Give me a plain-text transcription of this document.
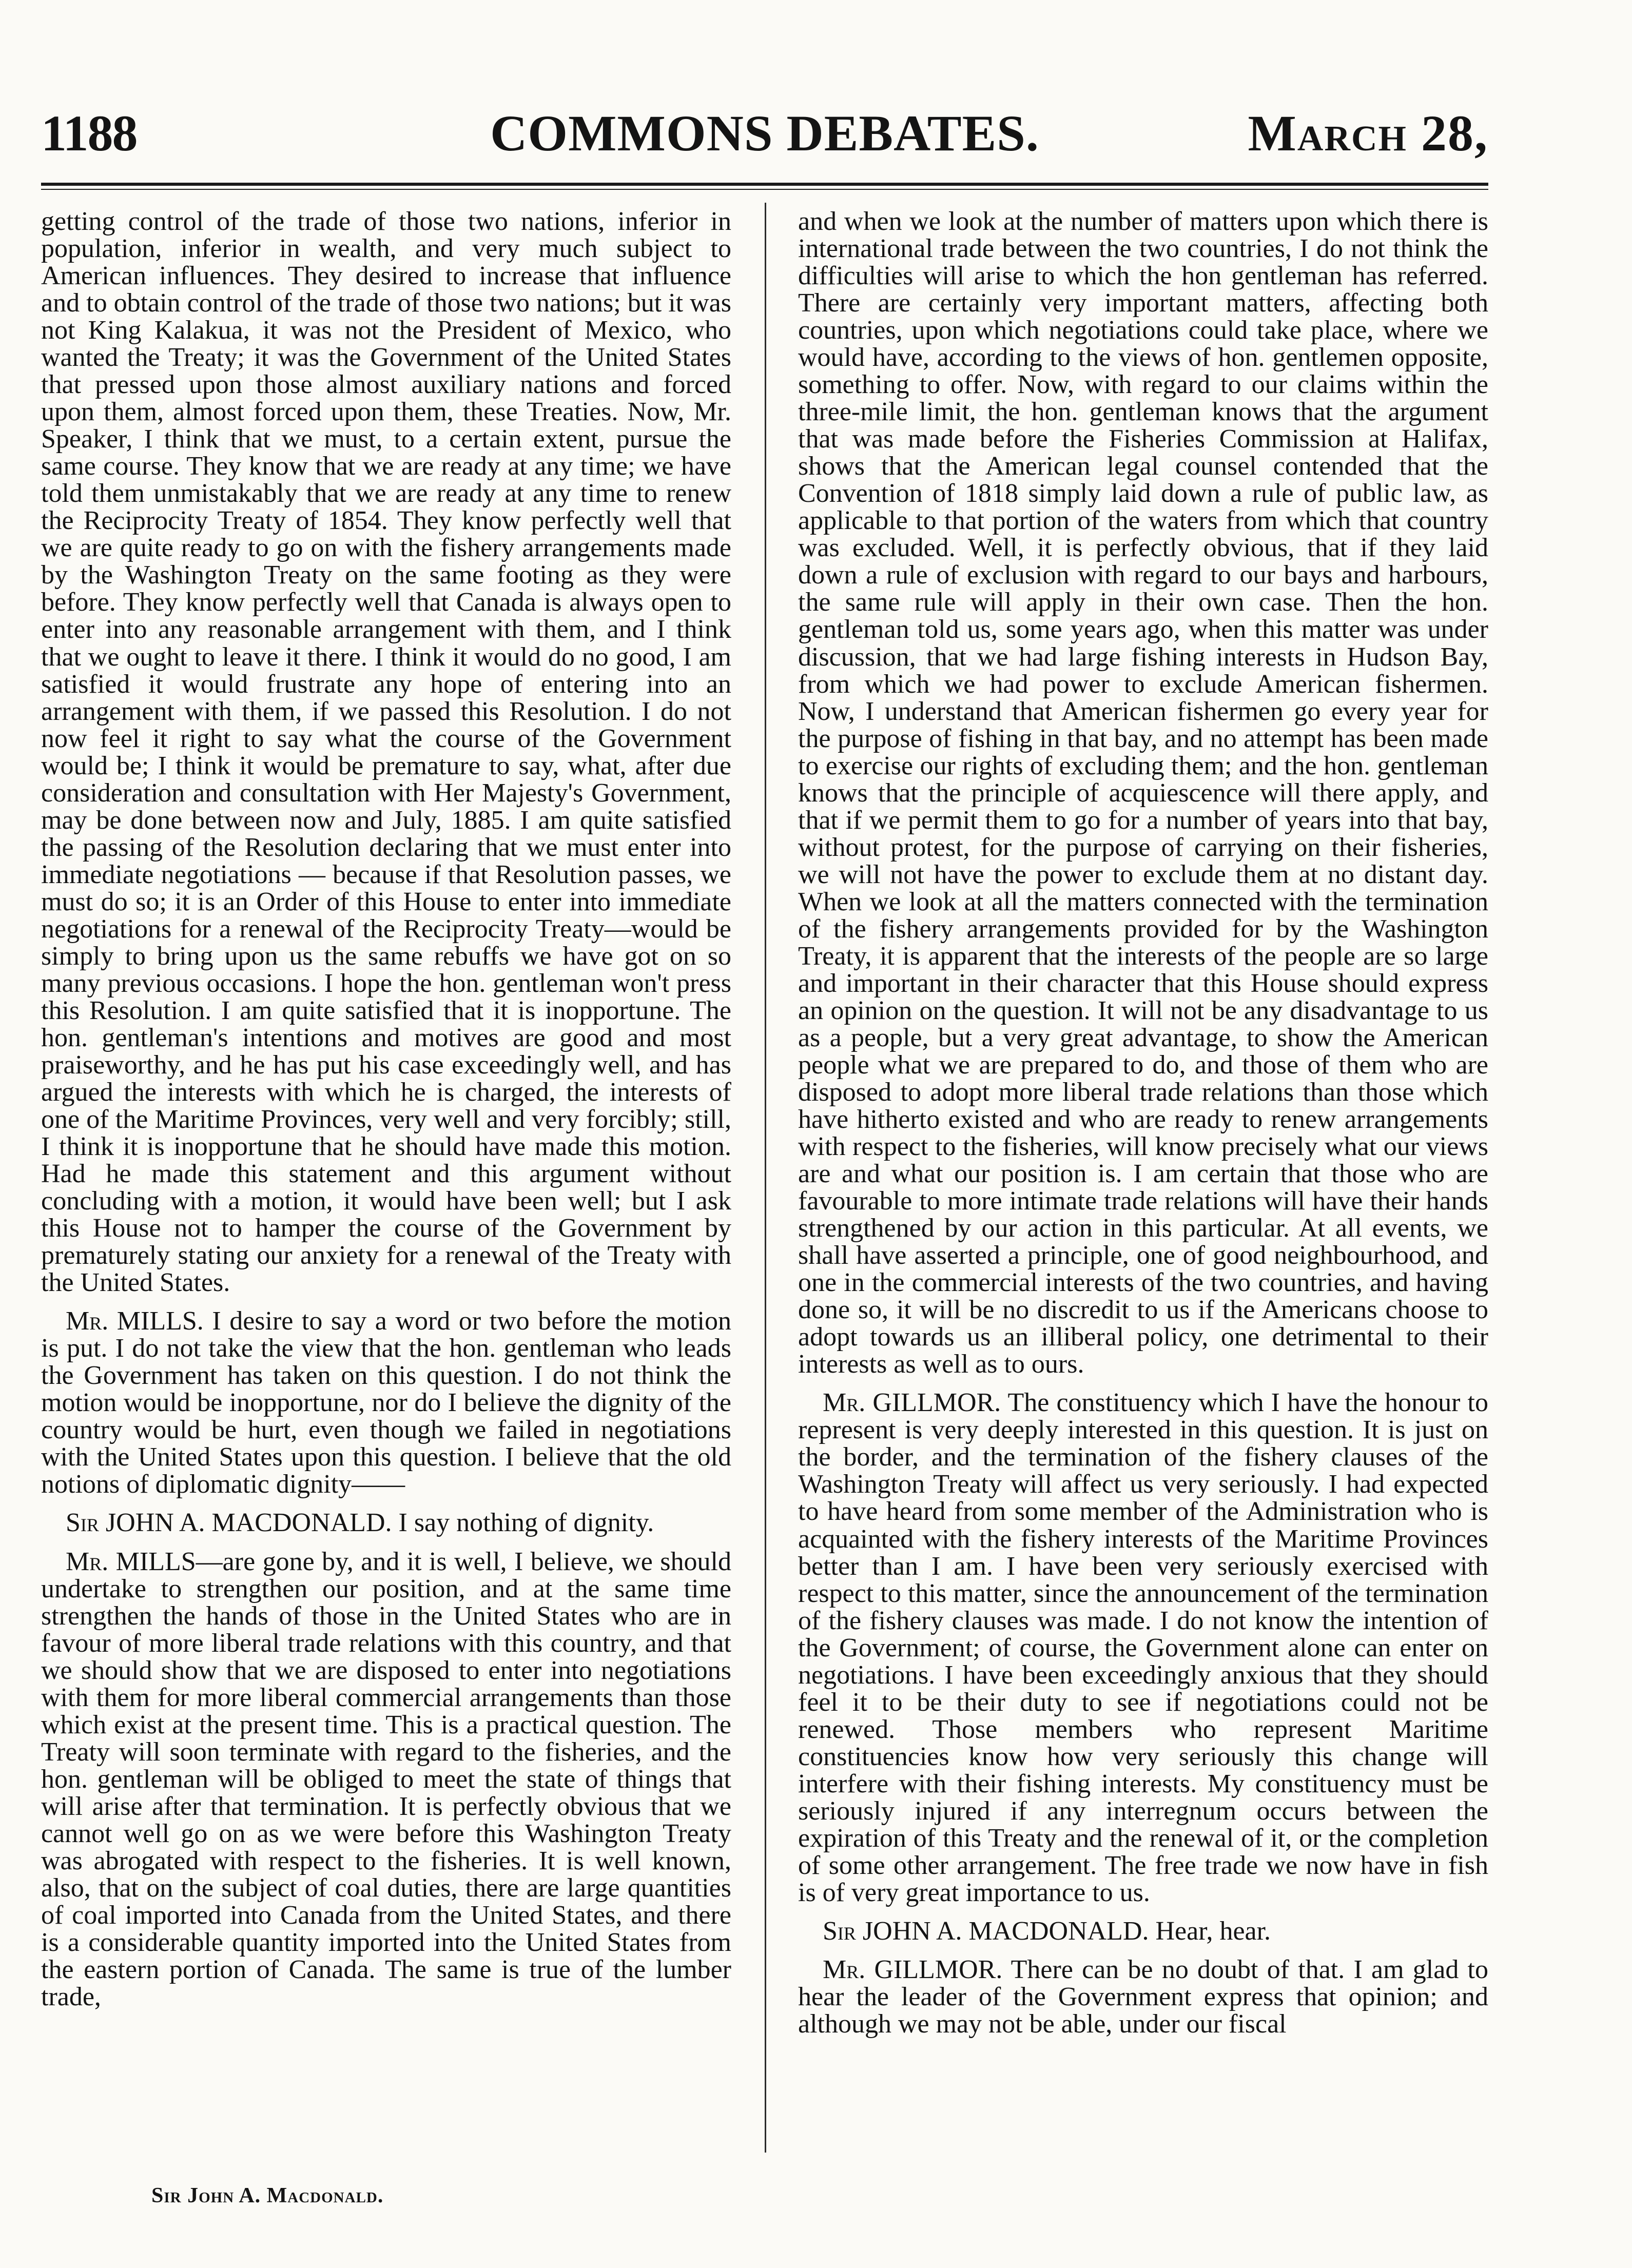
1188	COMMONS DEBATES.	March 28,

getting control of the trade of those two nations, inferior in population, inferior in wealth, and very much subject to American influences. They desired to increase that influence and to obtain control of the trade of those two nations; but it was not King Kalakua, it was not the President of Mexico, who wanted the Treaty; it was the Government of the United States that pressed upon those almost auxiliary nations and forced upon them, almost forced upon them, these Treaties. Now, Mr. Speaker, I think that we must, to a certain extent, pursue the same course. They know that we are ready at any time; we have told them unmistakably that we are ready at any time to renew the Reciprocity Treaty of 1854. They know perfectly well that we are quite ready to go on with the fishery arrangements made by the Washington Treaty on the same footing as they were before. They know perfectly well that Canada is always open to enter into any reasonable arrangement with them, and I think that we ought to leave it there. I think it would do no good, I am satisfied it would frustrate any hope of entering into an arrangement with them, if we passed this Resolution. I do not now feel it right to say what the course of the Government would be; I think it would be premature to say, what, after due consideration and consultation with Her Majesty's Government, may be done between now and July, 1885. I am quite satisfied the passing of the Resolution declaring that we must enter into immediate negotiations — because if that Resolution passes, we must do so; it is an Order of this House to enter into immediate negotiations for a renewal of the Reciprocity Treaty—would be simply to bring upon us the same rebuffs we have got on so many previous occasions. I hope the hon. gentleman won't press this Resolution. I am quite satisfied that it is inopportune. The hon. gentleman's intentions and motives are good and most praiseworthy, and he has put his case exceedingly well, and has argued the interests with which he is charged, the interests of one of the Maritime Provinces, very well and very forcibly; still, I think it is inopportune that he should have made this motion. Had he made this statement and this argument without concluding with a motion, it would have been well; but I ask this House not to hamper the course of the Government by prematurely stating our anxiety for a renewal of the Treaty with the United States.

Mr. MILLS. I desire to say a word or two before the motion is put. I do not take the view that the hon. gentleman who leads the Government has taken on this question. I do not think the motion would be inopportune, nor do I believe the dignity of the country would be hurt, even though we failed in negotiations with the United States upon this question. I believe that the old notions of diplomatic dignity——

Sir JOHN A. MACDONALD. I say nothing of dignity.

Mr. MILLS—are gone by, and it is well, I believe, we should undertake to strengthen our position, and at the same time strengthen the hands of those in the United States who are in favour of more liberal trade relations with this country, and that we should show that we are disposed to enter into negotiations with them for more liberal commercial arrangements than those which exist at the present time. This is a practical question. The Treaty will soon terminate with regard to the fisheries, and the hon. gentleman will be obliged to meet the state of things that will arise after that termination. It is perfectly obvious that we cannot well go on as we were before this Washington Treaty was abrogated with respect to the fisheries. It is well known, also, that on the subject of coal duties, there are large quantities of coal imported into Canada from the United States, and there is a considerable quantity imported into the United States from the eastern portion of Canada. The same is true of the lumber trade,

and when we look at the number of matters upon which there is international trade between the two countries, I do not think the difficulties will arise to which the hon gentleman has referred. There are certainly very important matters, affecting both countries, upon which negotiations could take place, where we would have, according to the views of hon. gentlemen opposite, something to offer. Now, with regard to our claims within the three-mile limit, the hon. gentleman knows that the argument that was made before the Fisheries Commission at Halifax, shows that the American legal counsel contended that the Convention of 1818 simply laid down a rule of public law, as applicable to that portion of the waters from which that country was excluded. Well, it is perfectly obvious, that if they laid down a rule of exclusion with regard to our bays and harbours, the same rule will apply in their own case. Then the hon. gentleman told us, some years ago, when this matter was under discussion, that we had large fishing interests in Hudson Bay, from which we had power to exclude American fishermen. Now, I understand that American fishermen go every year for the purpose of fishing in that bay, and no attempt has been made to exercise our rights of excluding them; and the hon. gentleman knows that the principle of acquiescence will there apply, and that if we permit them to go for a number of years into that bay, without protest, for the purpose of carrying on their fisheries, we will not have the power to exclude them at no distant day. When we look at all the matters connected with the termination of the fishery arrangements provided for by the Washington Treaty, it is apparent that the interests of the people are so large and important in their character that this House should express an opinion on the question. It will not be any disadvantage to us as a people, but a very great advantage, to show the American people what we are prepared to do, and those of them who are disposed to adopt more liberal trade relations than those which have hitherto existed and who are ready to renew arrangements with respect to the fisheries, will know precisely what our views are and what our position is. I am certain that those who are favourable to more intimate trade relations will have their hands strengthened by our action in this particular. At all events, we shall have asserted a principle, one of good neighbourhood, and one in the commercial interests of the two countries, and having done so, it will be no discredit to us if the Americans choose to adopt towards us an illiberal policy, one detrimental to their interests as well as to ours.

Mr. GILLMOR. The constituency which I have the honour to represent is very deeply interested in this question. It is just on the border, and the termination of the fishery clauses of the Washington Treaty will affect us very seriously. I had expected to have heard from some member of the Administration who is acquainted with the fishery interests of the Maritime Provinces better than I am. I have been very seriously exercised with respect to this matter, since the announcement of the termination of the fishery clauses was made. I do not know the intention of the Government; of course, the Government alone can enter on negotiations. I have been exceedingly anxious that they should feel it to be their duty to see if negotiations could not be renewed. Those members who represent Maritime constituencies know how very seriously this change will interfere with their fishing interests. My constituency must be seriously injured if any interregnum occurs between the expiration of this Treaty and the renewal of it, or the completion of some other arrangement. The free trade we now have in fish is of very great importance to us.

Sir JOHN A. MACDONALD. Hear, hear.

Mr. GILLMOR. There can be no doubt of that. I am glad to hear the leader of the Government express that opinion; and although we may not be able, under our fiscal

Sir John A. Macdonald.
